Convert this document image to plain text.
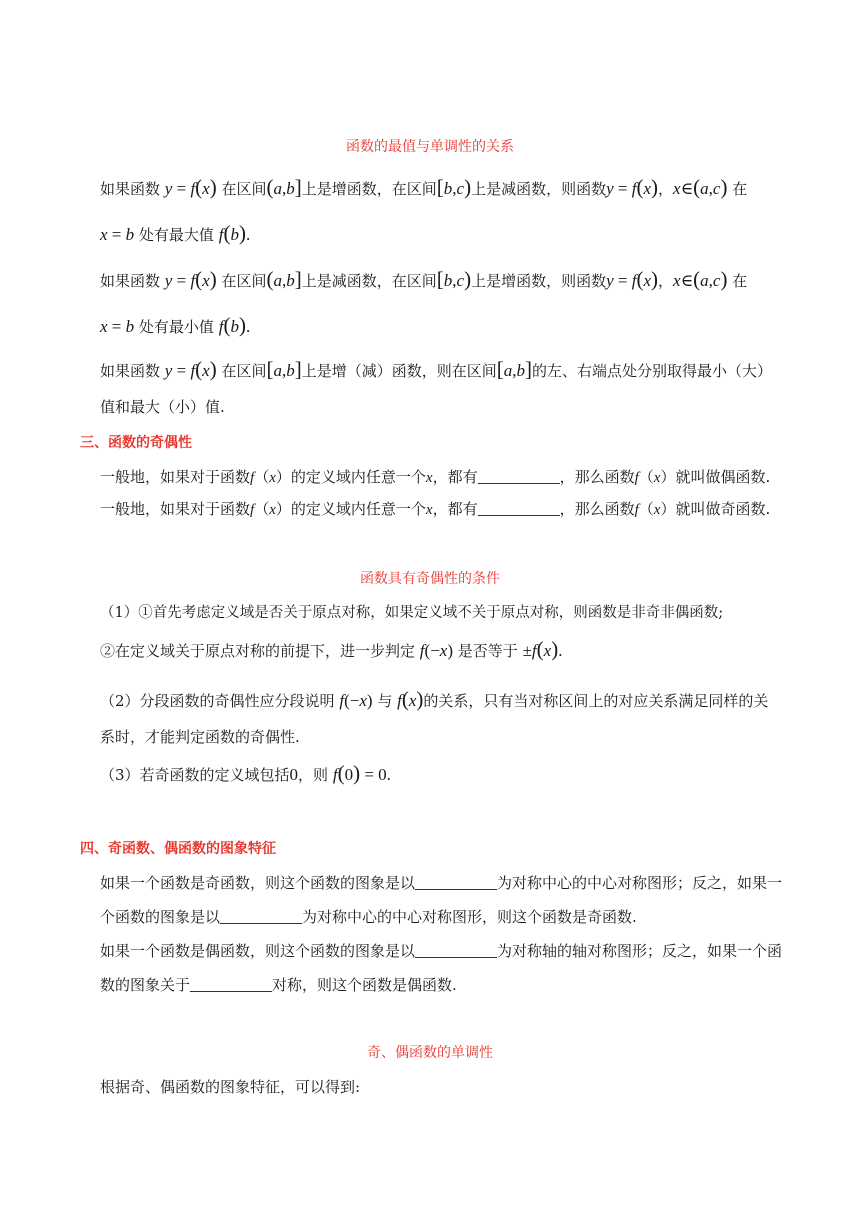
函数的最值与单调性的关系
如果函数 y = f(x) 在区间(a,b]上是增函数，在区间[b,c)上是减函数，则函数y = f(x)，x∈(a,c) 在
x = b 处有最大值 f(b).
如果函数 y = f(x) 在区间(a,b]上是减函数，在区间[b,c)上是增函数，则函数y = f(x)，x∈(a,c) 在
x = b 处有最小值 f(b).
如果函数 y = f(x) 在区间[a,b]上是增（减）函数，则在区间[a,b]的左、右端点处分别取得最小（大）
值和最大（小）值.
三、函数的奇偶性
一般地，如果对于函数f（x）的定义域内任意一个x，都有	，那么函数f（x）就叫做偶函数.
一般地，如果对于函数f（x）的定义域内任意一个x，都有	，那么函数f（x）就叫做奇函数.
函数具有奇偶性的条件
（1）①首先考虑定义域是否关于原点对称，如果定义域不关于原点对称，则函数是非奇非偶函数;
②在定义域关于原点对称的前提下，进一步判定 f(−x) 是否等于 ±f(x).
（2）分段函数的奇偶性应分段说明 f(−x) 与 f(x)的关系，只有当对称区间上的对应关系满足同样的关
系时，才能判定函数的奇偶性.
（3）若奇函数的定义域包括0，则 f(0) = 0.
四、奇函数、偶函数的图象特征
如果一个函数是奇函数，则这个函数的图象是以	为对称中心的中心对称图形；反之，如果一
个函数的图象是以	为对称中心的中心对称图形，则这个函数是奇函数.
如果一个函数是偶函数，则这个函数的图象是以	为对称轴的轴对称图形；反之，如果一个函
数的图象关于	对称，则这个函数是偶函数.
奇、偶函数的单调性
根据奇、偶函数的图象特征，可以得到:
